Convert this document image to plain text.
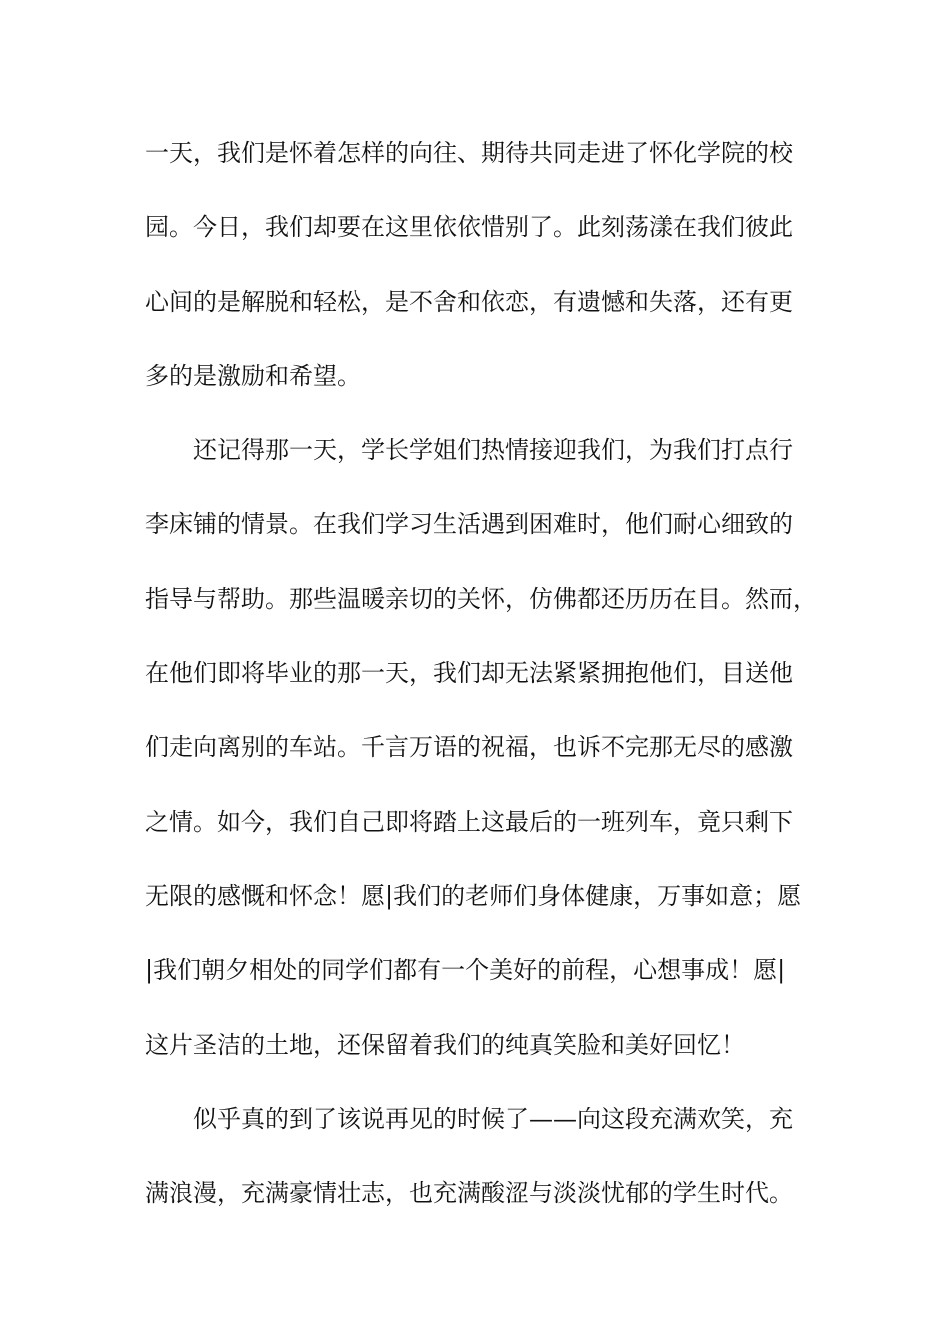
一天，我们是怀着怎样的向往、期待共同走进了怀化学院的校
园。今日，我们却要在这里依依惜别了。此刻荡漾在我们彼此
心间的是解脱和轻松，是不舍和依恋，有遗憾和失落，还有更
多的是激励和希望。
还记得那一天，学长学姐们热情接迎我们，为我们打点行
李床铺的情景。在我们学习生活遇到困难时，他们耐心细致的
指导与帮助。那些温暖亲切的关怀，仿佛都还历历在目。然而，
在他们即将毕业的那一天，我们却无法紧紧拥抱他们，目送他
们走向离别的车站。千言万语的祝福，也诉不完那无尽的感激
之情。如今，我们自己即将踏上这最后的一班列车，竟只剩下
无限的感慨和怀念！愿|我们的老师们身体健康，万事如意；愿
|我们朝夕相处的同学们都有一个美好的前程，心想事成！愿|
这片圣洁的土地，还保留着我们的纯真笑脸和美好回忆！
似乎真的到了该说再见的时候了——向这段充满欢笑，充
满浪漫，充满豪情壮志，也充满酸涩与淡淡忧郁的学生时代。
